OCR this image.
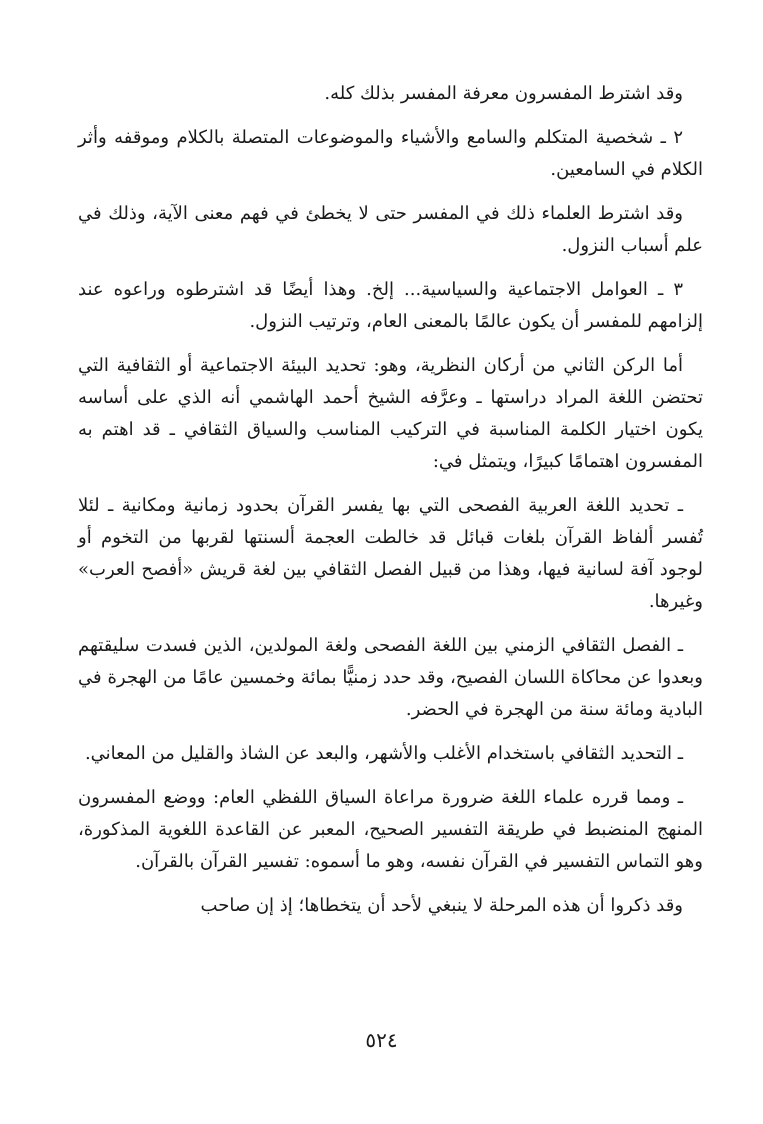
وقد اشترط المفسرون معرفة المفسر بذلك كله.

٢ ـ شخصية المتكلم والسامع والأشياء والموضوعات المتصلة بالكلام وموقفه وأثر الكلام في السامعين.

وقد اشترط العلماء ذلك في المفسر حتى لا يخطئ في فهم معنى الآية، وذلك في علم أسباب النزول.

٣ ـ العوامل الاجتماعية والسياسية... إلخ. وهذا أيضًا قد اشترطوه وراعوه عند إلزامهم للمفسر أن يكون عالمًا بالمعنى العام، وترتيب النزول.

أما الركن الثاني من أركان النظرية، وهو: تحديد البيئة الاجتماعية أو الثقافية التي تحتضن اللغة المراد دراستها ـ وعرَّفه الشيخ أحمد الهاشمي أنه الذي على أساسه يكون اختيار الكلمة المناسبة في التركيب المناسب والسياق الثقافي ـ قد اهتم به المفسرون اهتمامًا كبيرًا، ويتمثل في:

ـ تحديد اللغة العربية الفصحى التي بها يفسر القرآن بحدود زمانية ومكانية ـ لئلا تُفسر ألفاظ القرآن بلغات قبائل قد خالطت العجمة ألسنتها لقربها من التخوم أو لوجود آفة لسانية فيها، وهذا من قبيل الفصل الثقافي بين لغة قريش «أفصح العرب» وغيرها.

ـ الفصل الثقافي الزمني بين اللغة الفصحى ولغة المولدين، الذين فسدت سليقتهم وبعدوا عن محاكاة اللسان الفصيح، وقد حدد زمنيًّا بمائة وخمسين عامًا من الهجرة في البادية ومائة سنة من الهجرة في الحضر.

ـ التحديد الثقافي باستخدام الأغلب والأشهر، والبعد عن الشاذ والقليل من المعاني.

ـ ومما قرره علماء اللغة ضرورة مراعاة السياق اللفظي العام: ووضع المفسرون المنهج المنضبط في طريقة التفسير الصحيح، المعبر عن القاعدة اللغوية المذكورة، وهو التماس التفسير في القرآن نفسه، وهو ما أسموه: تفسير القرآن بالقرآن.

وقد ذكروا أن هذه المرحلة لا ينبغي لأحد أن يتخطاها؛ إذ إن صاحب

٥٢٤
